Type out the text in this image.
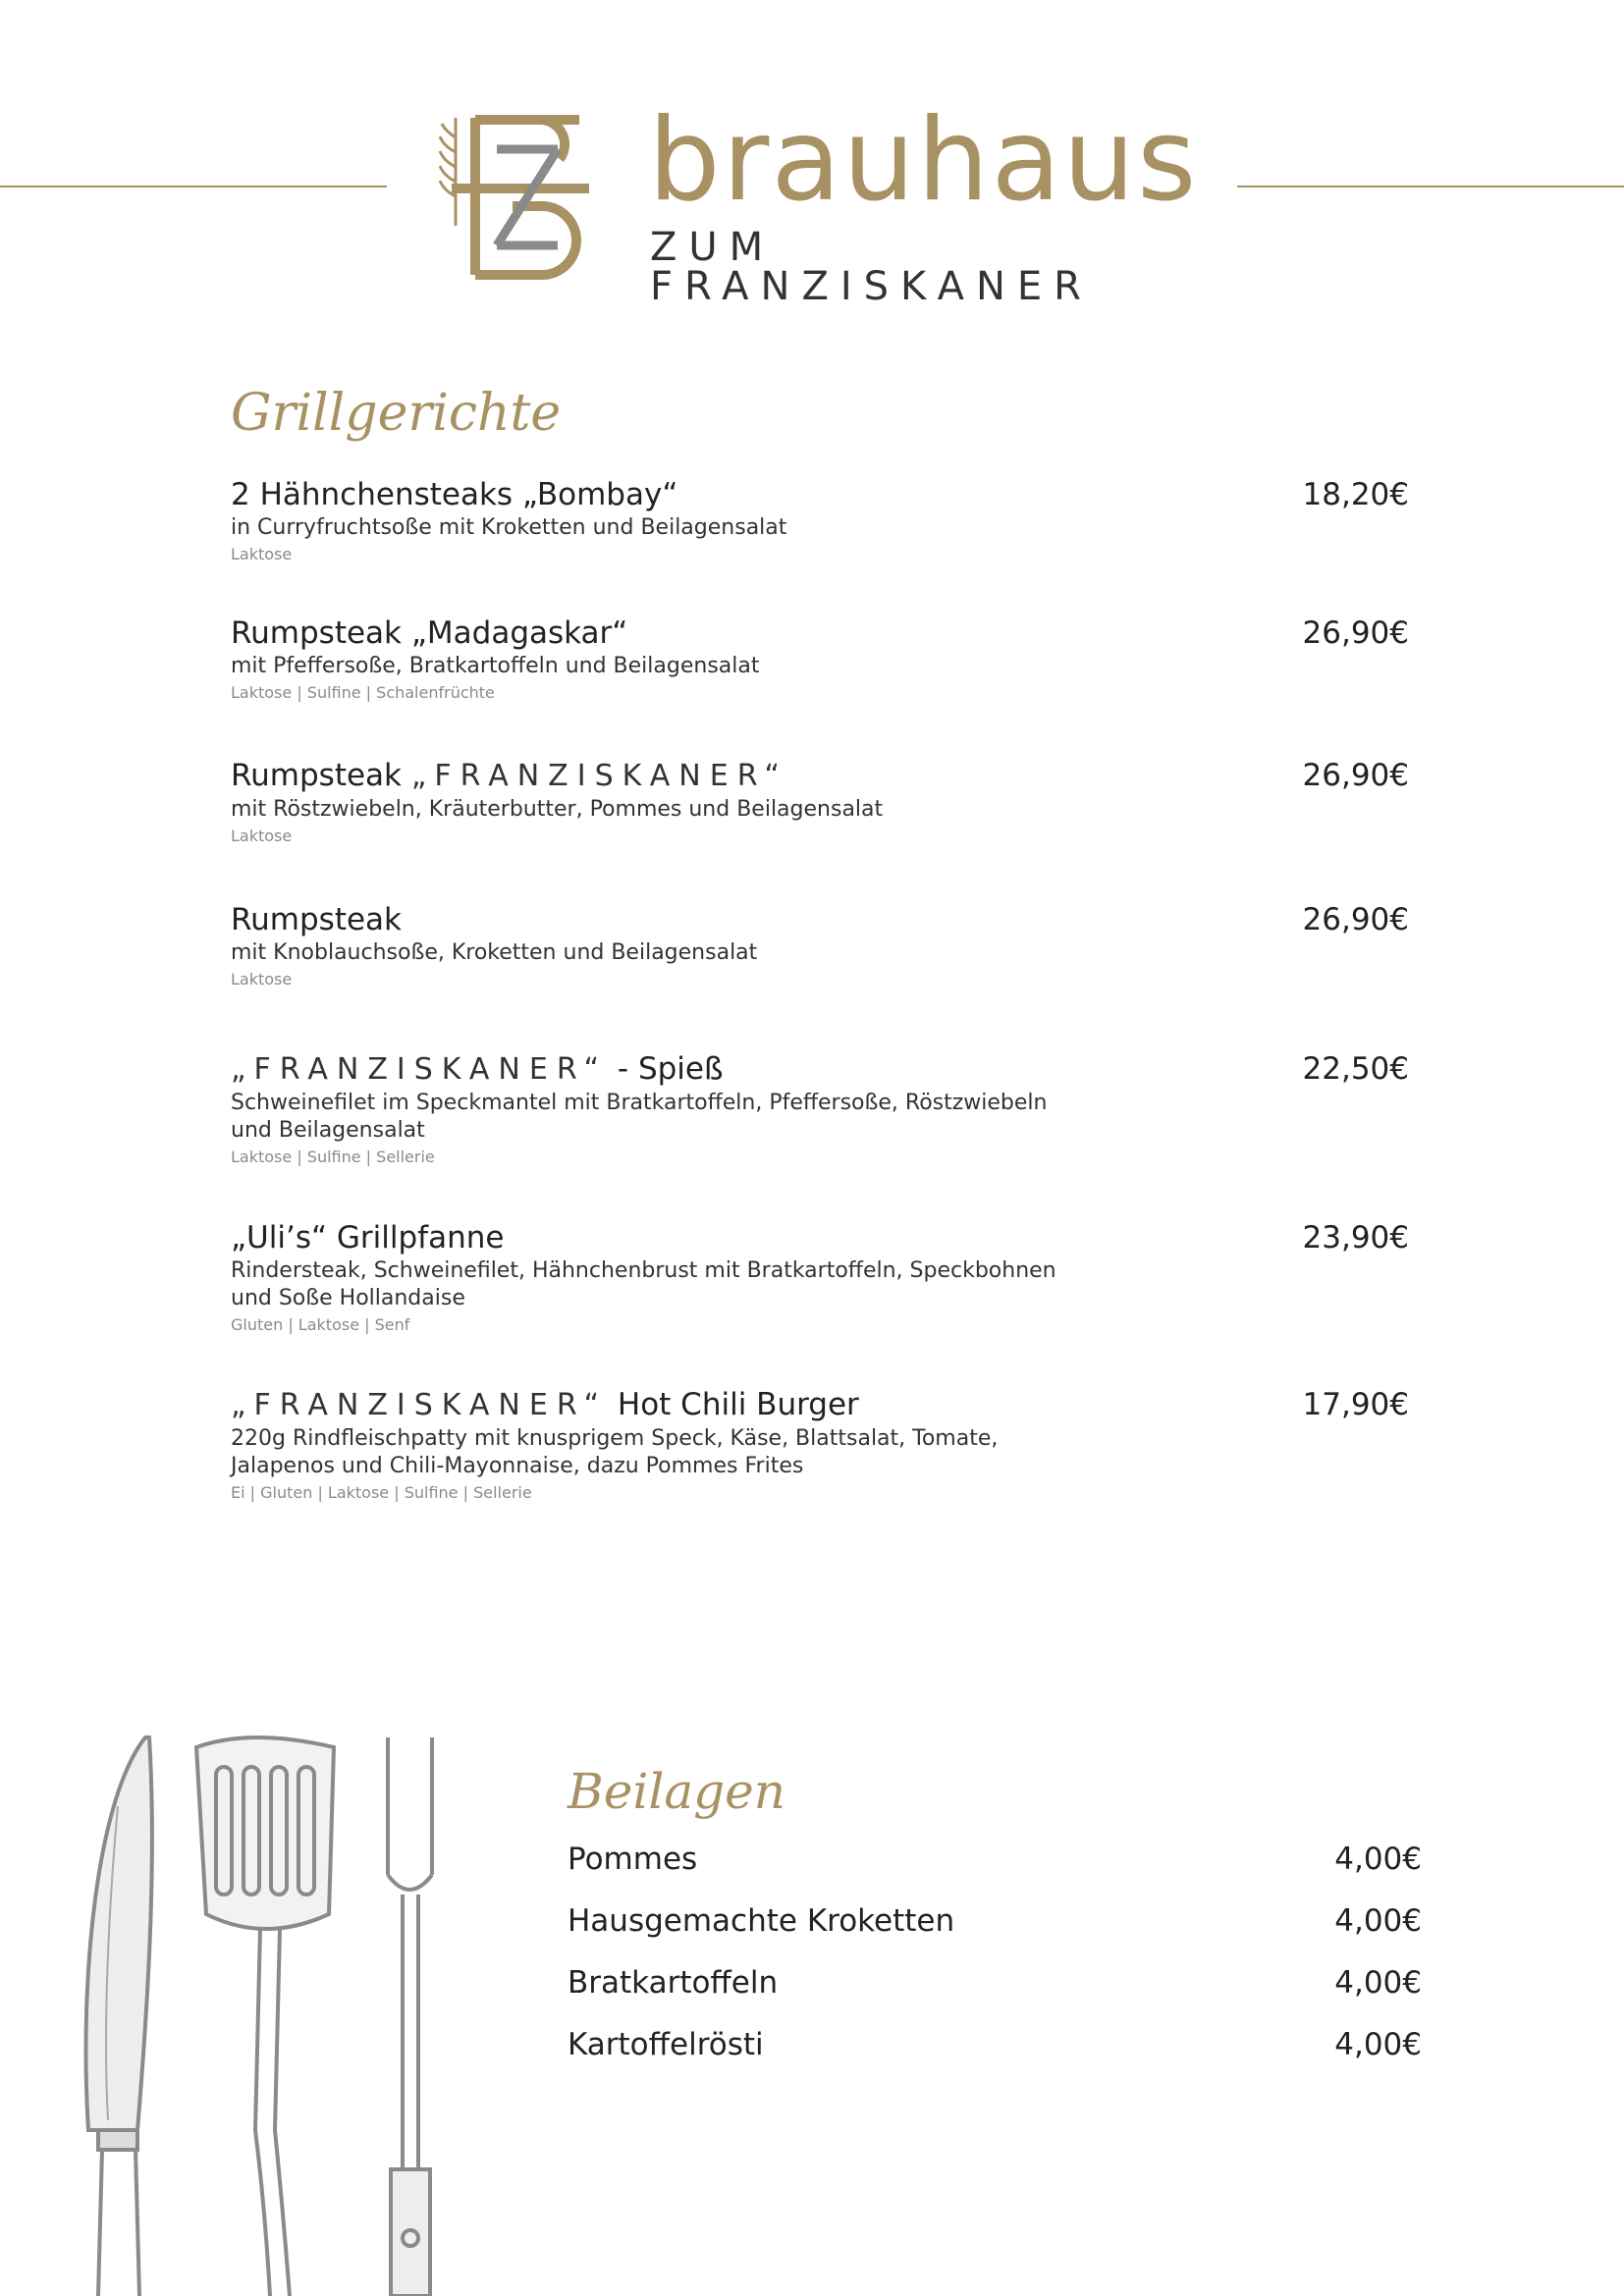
brauhaus
ZUM FRANZISKANER
Grillgerichte
2 Hähnchensteaks „Bombay“	18,20€
in Curryfruchtsoße mit Kroketten und Beilagensalat
Laktose
Rumpsteak „Madagaskar“	26,90€
mit Pfeffersoße, Bratkartoffeln und Beilagensalat
Laktose | Sulfine | Schalenfrüchte
Rumpsteak „FRANZISKANER“	26,90€
mit Röstzwiebeln, Kräuterbutter, Pommes und Beilagensalat
Laktose
Rumpsteak	26,90€
mit Knoblauchsoße, Kroketten und Beilagensalat
Laktose
„FRANZISKANER“ - Spieß	22,50€
Schweinefilet im Speckmantel mit Bratkartoffeln, Pfeffersoße, Röstzwiebeln und Beilagensalat
Laktose | Sulfine | Sellerie
„Uli’s“ Grillpfanne	23,90€
Rindersteak, Schweinefilet, Hähnchenbrust mit Bratkartoffeln, Speckbohnen und Soße Hollandaise
Gluten | Laktose | Senf
„FRANZISKANER“ Hot Chili Burger	17,90€
220g Rindfleischpatty mit knusprigem Speck, Käse, Blattsalat, Tomate, Jalapenos und Chili-Mayonnaise, dazu Pommes Frites
Ei | Gluten | Laktose | Sulfine | Sellerie
Beilagen
Pommes	4,00€
Hausgemachte Kroketten	4,00€
Bratkartoffeln	4,00€
Kartoffelrösti	4,00€
